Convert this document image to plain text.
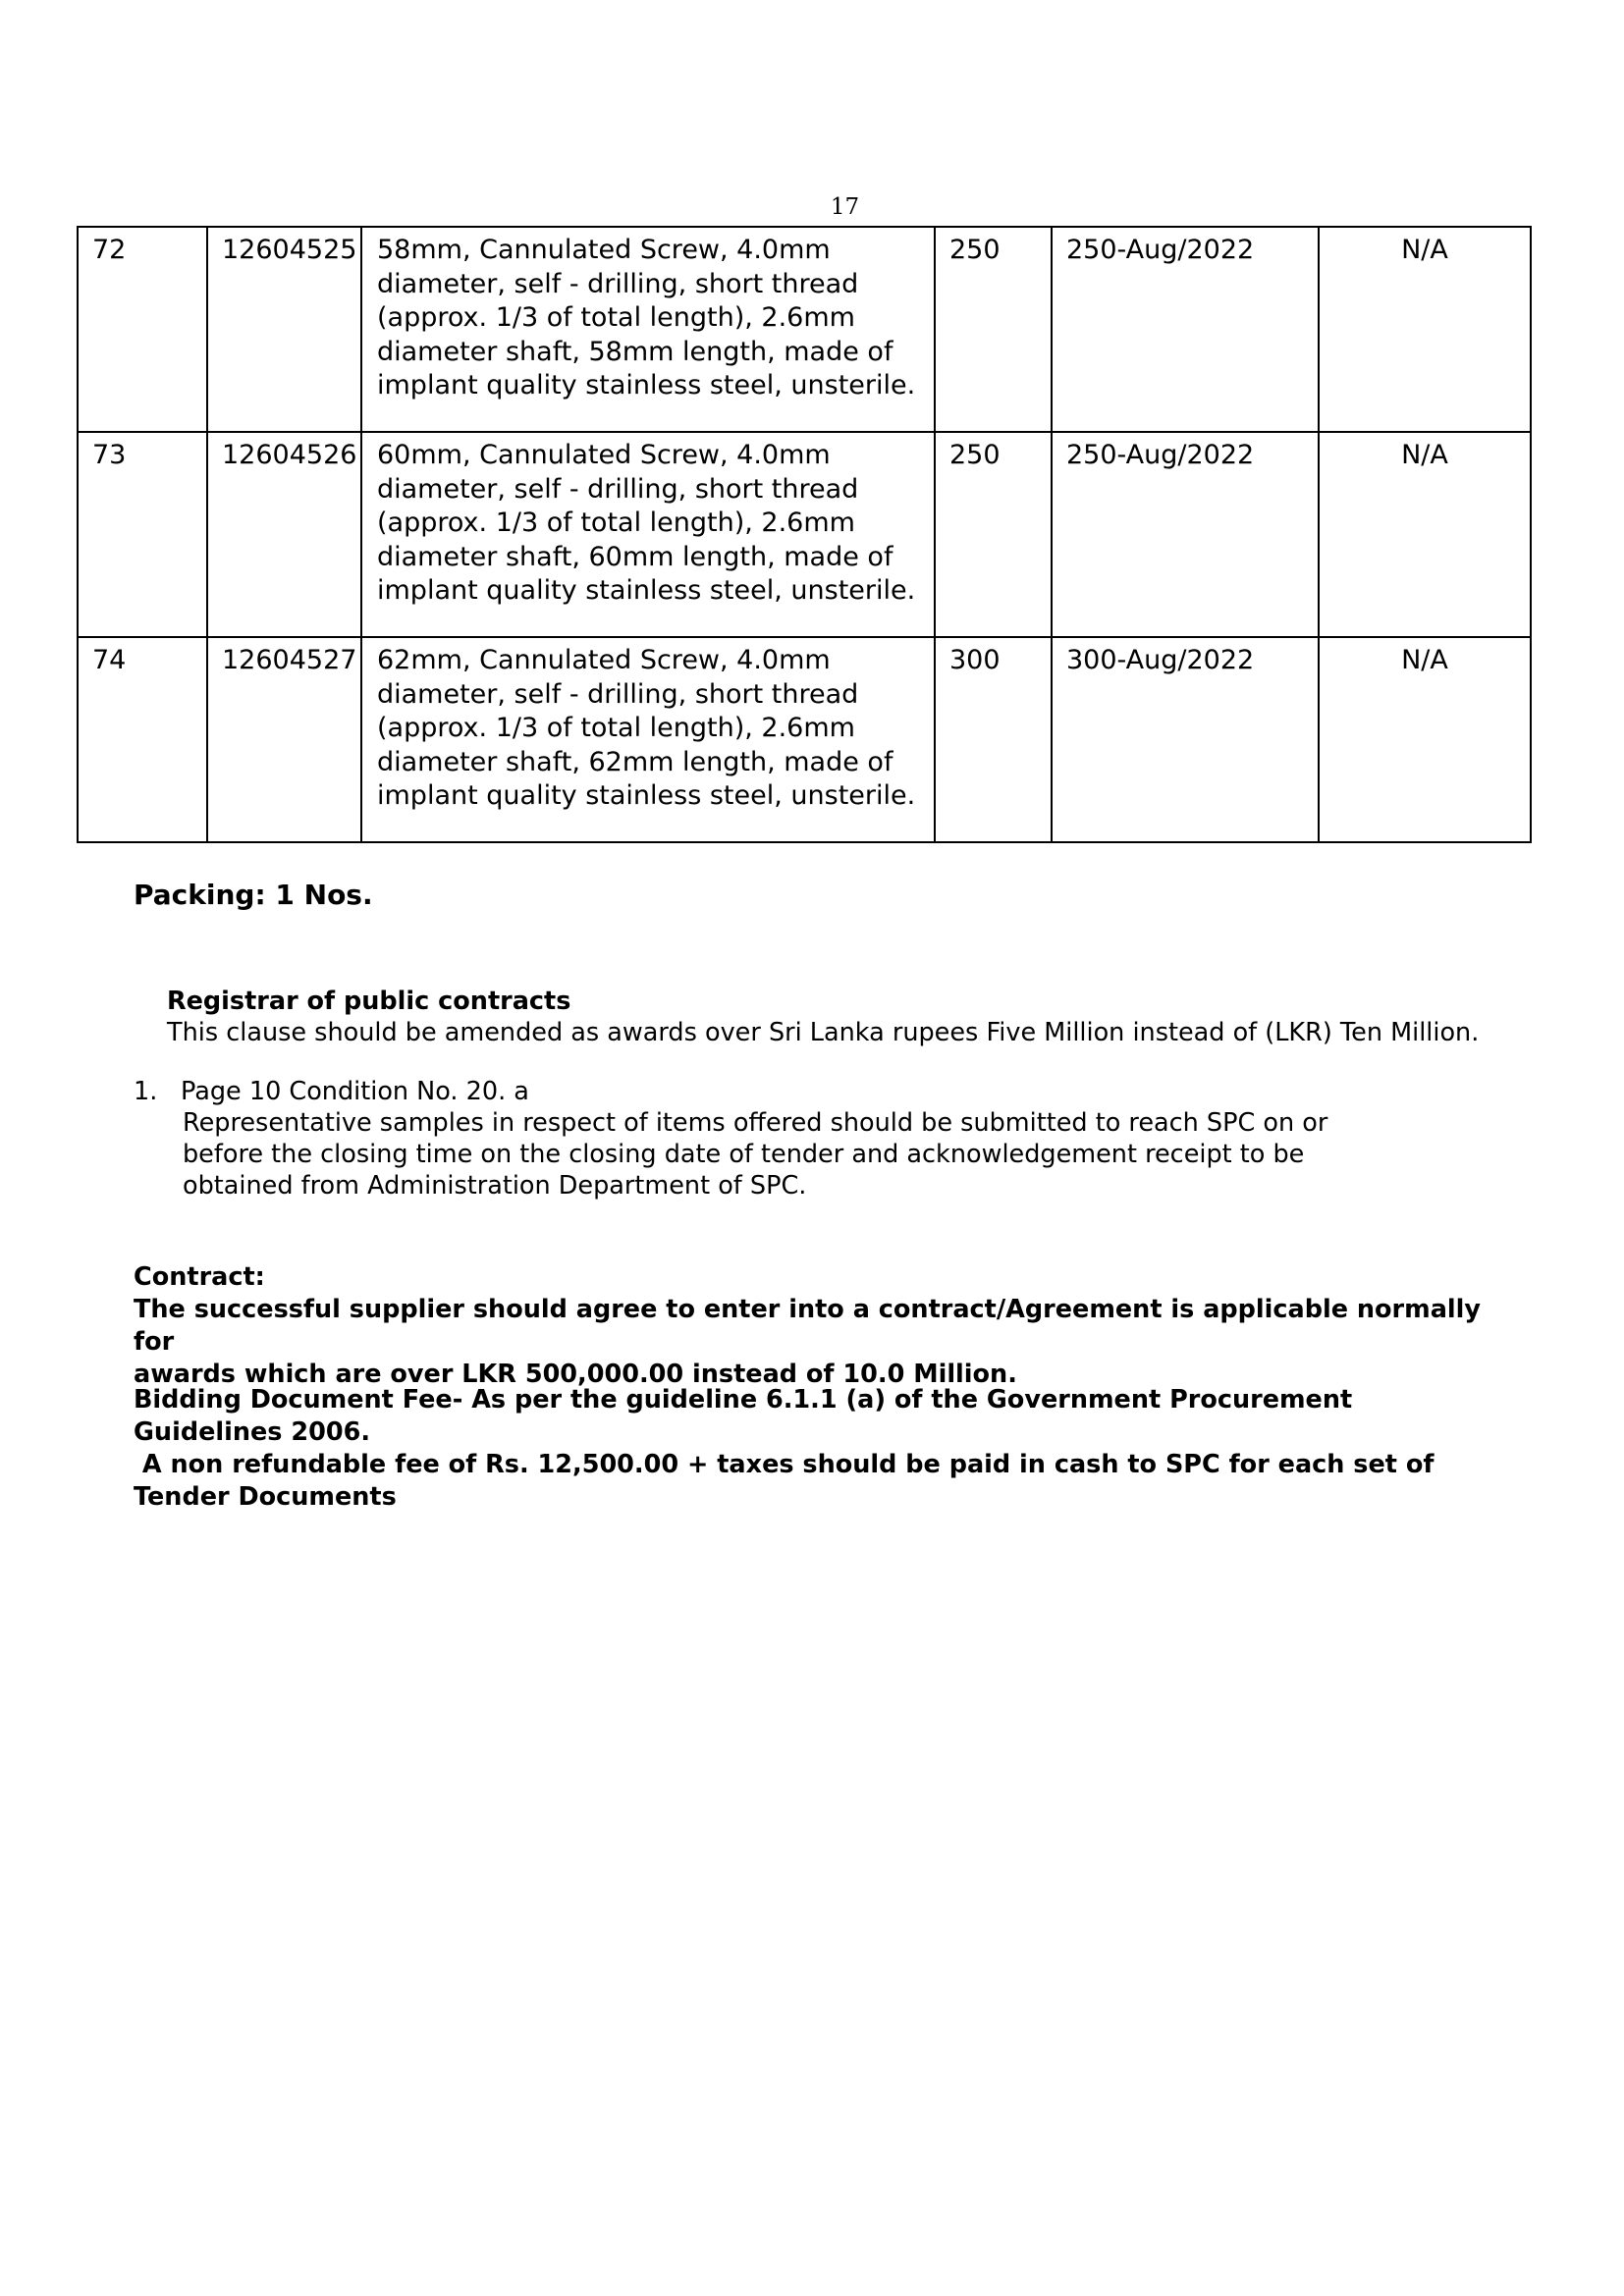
17
72	12604525	58mm, Cannulated Screw, 4.0mm
diameter, self - drilling, short thread
(approx. 1/3 of total length), 2.6mm
diameter shaft, 58mm length, made of
implant quality stainless steel, unsterile.	250	250-Aug/2022	N/A

73	12604526	60mm, Cannulated Screw, 4.0mm
diameter, self - drilling, short thread
(approx. 1/3 of total length), 2.6mm
diameter shaft, 60mm length, made of
implant quality stainless steel, unsterile.	250	250-Aug/2022	N/A

74	12604527	62mm, Cannulated Screw, 4.0mm
diameter, self - drilling, short thread
(approx. 1/3 of total length), 2.6mm
diameter shaft, 62mm length, made of
implant quality stainless steel, unsterile.	300	300-Aug/2022	N/A
Packing: 1 Nos.

Registrar of public contracts

This clause should be amended as awards over Sri Lanka rupees Five Million instead of (LKR) Ten Million.

1. Page 10 Condition No. 20. a

Representative samples in respect of items offered should be submitted to reach SPC on or

before the closing time on the closing date of tender and acknowledgement receipt to be

obtained from Administration Department of SPC.

Contract:

The successful supplier should agree to enter into a contract/Agreement is applicable normally for

awards which are over LKR 500,000.00 instead of 10.0 Million.

Bidding Document Fee- As per the guideline 6.1.1 (a) of the Government Procurement

Guidelines 2006.

A non refundable fee of Rs. 12,500.00 + taxes should be paid in cash to SPC for each set of

Tender Documents
